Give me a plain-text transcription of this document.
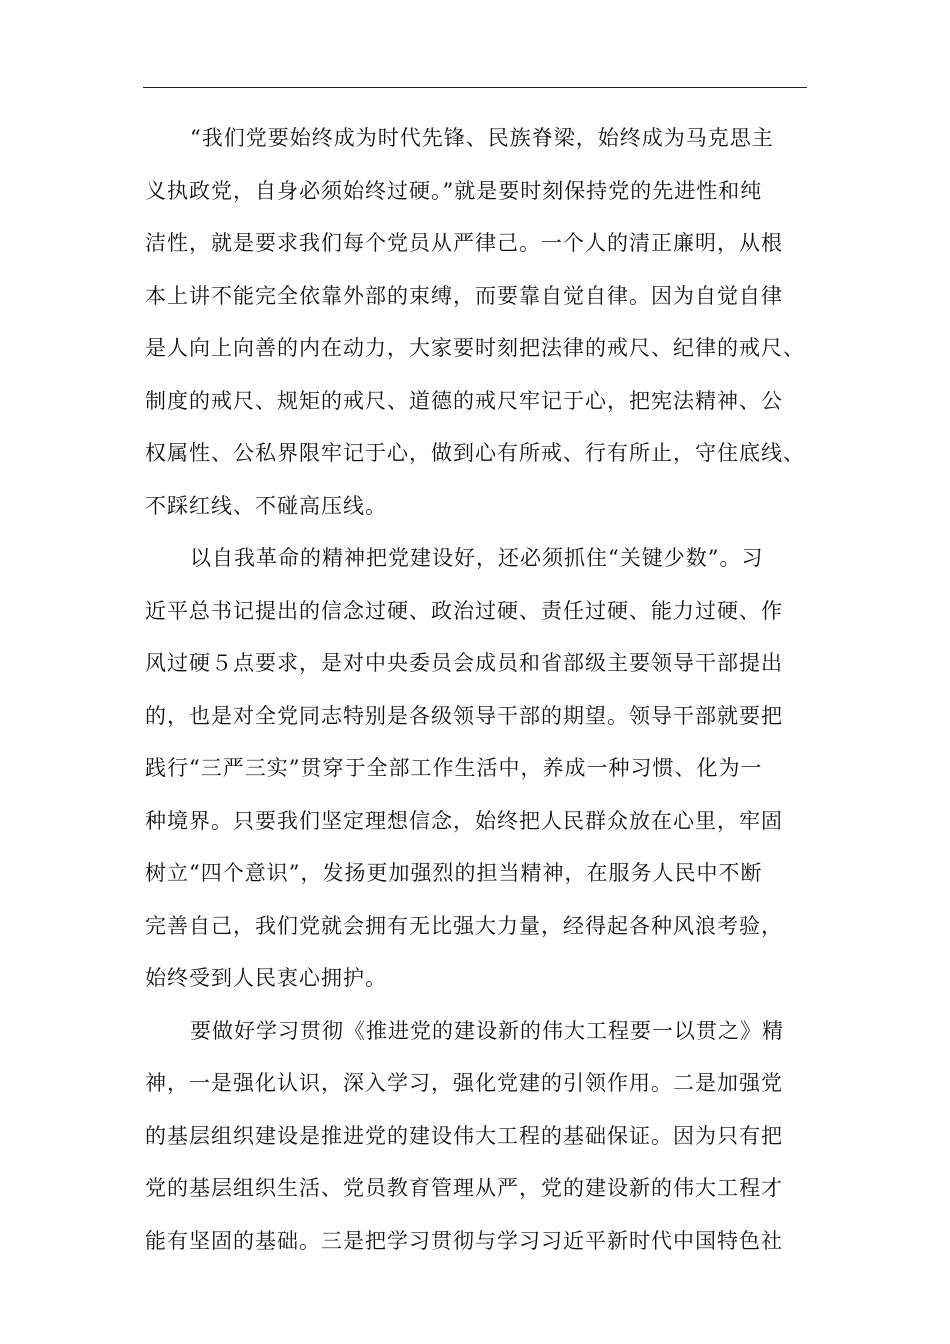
“我们党要始终成为时代先锋、民族脊梁，始终成为马克思主
义执政党，自身必须始终过硬。”就是要时刻保持党的先进性和纯
洁性，就是要求我们每个党员从严律己。一个人的清正廉明，从根
本上讲不能完全依靠外部的束缚，而要靠自觉自律。因为自觉自律
是人向上向善的内在动力，大家要时刻把法律的戒尺、纪律的戒尺、
制度的戒尺、规矩的戒尺、道德的戒尺牢记于心，把宪法精神、公
权属性、公私界限牢记于心，做到心有所戒、行有所止，守住底线、
不踩红线、不碰高压线。
以自我革命的精神把党建设好，还必须抓住“关键少数”。习
近平总书记提出的信念过硬、政治过硬、责任过硬、能力过硬、作
风过硬５点要求，是对中央委员会成员和省部级主要领导干部提出
的，也是对全党同志特别是各级领导干部的期望。领导干部就要把
践行“三严三实”贯穿于全部工作生活中，养成一种习惯、化为一
种境界。只要我们坚定理想信念，始终把人民群众放在心里，牢固
树立“四个意识”，发扬更加强烈的担当精神，在服务人民中不断
完善自己，我们党就会拥有无比强大力量，经得起各种风浪考验，
始终受到人民衷心拥护。
要做好学习贯彻《推进党的建设新的伟大工程要一以贯之》精
神，一是强化认识，深入学习，强化党建的引领作用。二是加强党
的基层组织建设是推进党的建设伟大工程的基础保证。因为只有把
党的基层组织生活、党员教育管理从严，党的建设新的伟大工程才
能有坚固的基础。三是把学习贯彻与学习习近平新时代中国特色社
